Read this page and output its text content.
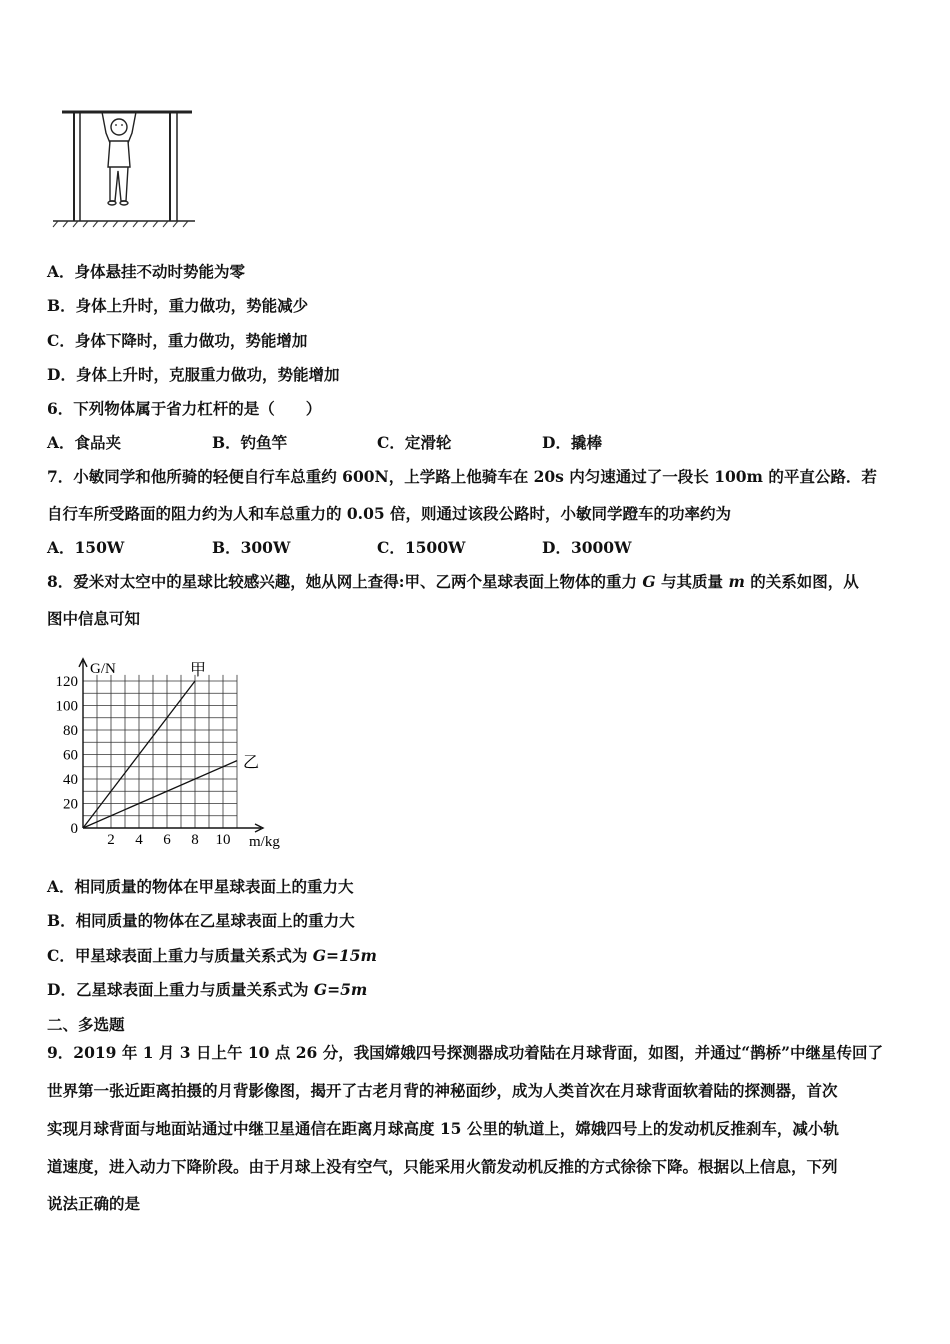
A．身体悬挂不动时势能为零
B．身体上升时，重力做功，势能减少
C．身体下降时，重力做功，势能增加
D．身体上升时，克服重力做功，势能增加
6．下列物体属于省力杠杆的是（　　）
A．食品夹	B．钓鱼竿	C．定滑轮	D．撬棒
7．小敏同学和他所骑的轻便自行车总重约 600N，上学路上他骑车在 20s 内匀速通过了一段长 100m 的平直公路．若
自行车所受路面的阻力约为人和车总重力的 0.05 倍，则通过该段公路时，小敏同学蹬车的功率约为
A．150W	B．300W	C．1500W	D．3000W
8．爱米对太空中的星球比较感兴趣，她从网上查得:甲、乙两个星球表面上物体的重力 G 与其质量 m 的关系如图，从
图中信息可知
0
20
40
60
80
100
120
2 4 6 8 10
G/N
m/kg
甲
乙
A．相同质量的物体在甲星球表面上的重力大
B．相同质量的物体在乙星球表面上的重力大
C．甲星球表面上重力与质量关系式为 G=15m
D．乙星球表面上重力与质量关系式为 G=5m
二、多选题
9．2019 年 1 月 3 日上午 10 点 26 分，我国嫦娥四号探测器成功着陆在月球背面，如图，并通过“鹊桥”中继星传回了
世界第一张近距离拍摄的月背影像图，揭开了古老月背的神秘面纱，成为人类首次在月球背面软着陆的探测器，首次
实现月球背面与地面站通过中继卫星通信在距离月球高度 15 公里的轨道上，嫦娥四号上的发动机反推刹车，减小轨
道速度，进入动力下降阶段。由于月球上没有空气，只能采用火箭发动机反推的方式徐徐下降。根据以上信息，下列
说法正确的是
